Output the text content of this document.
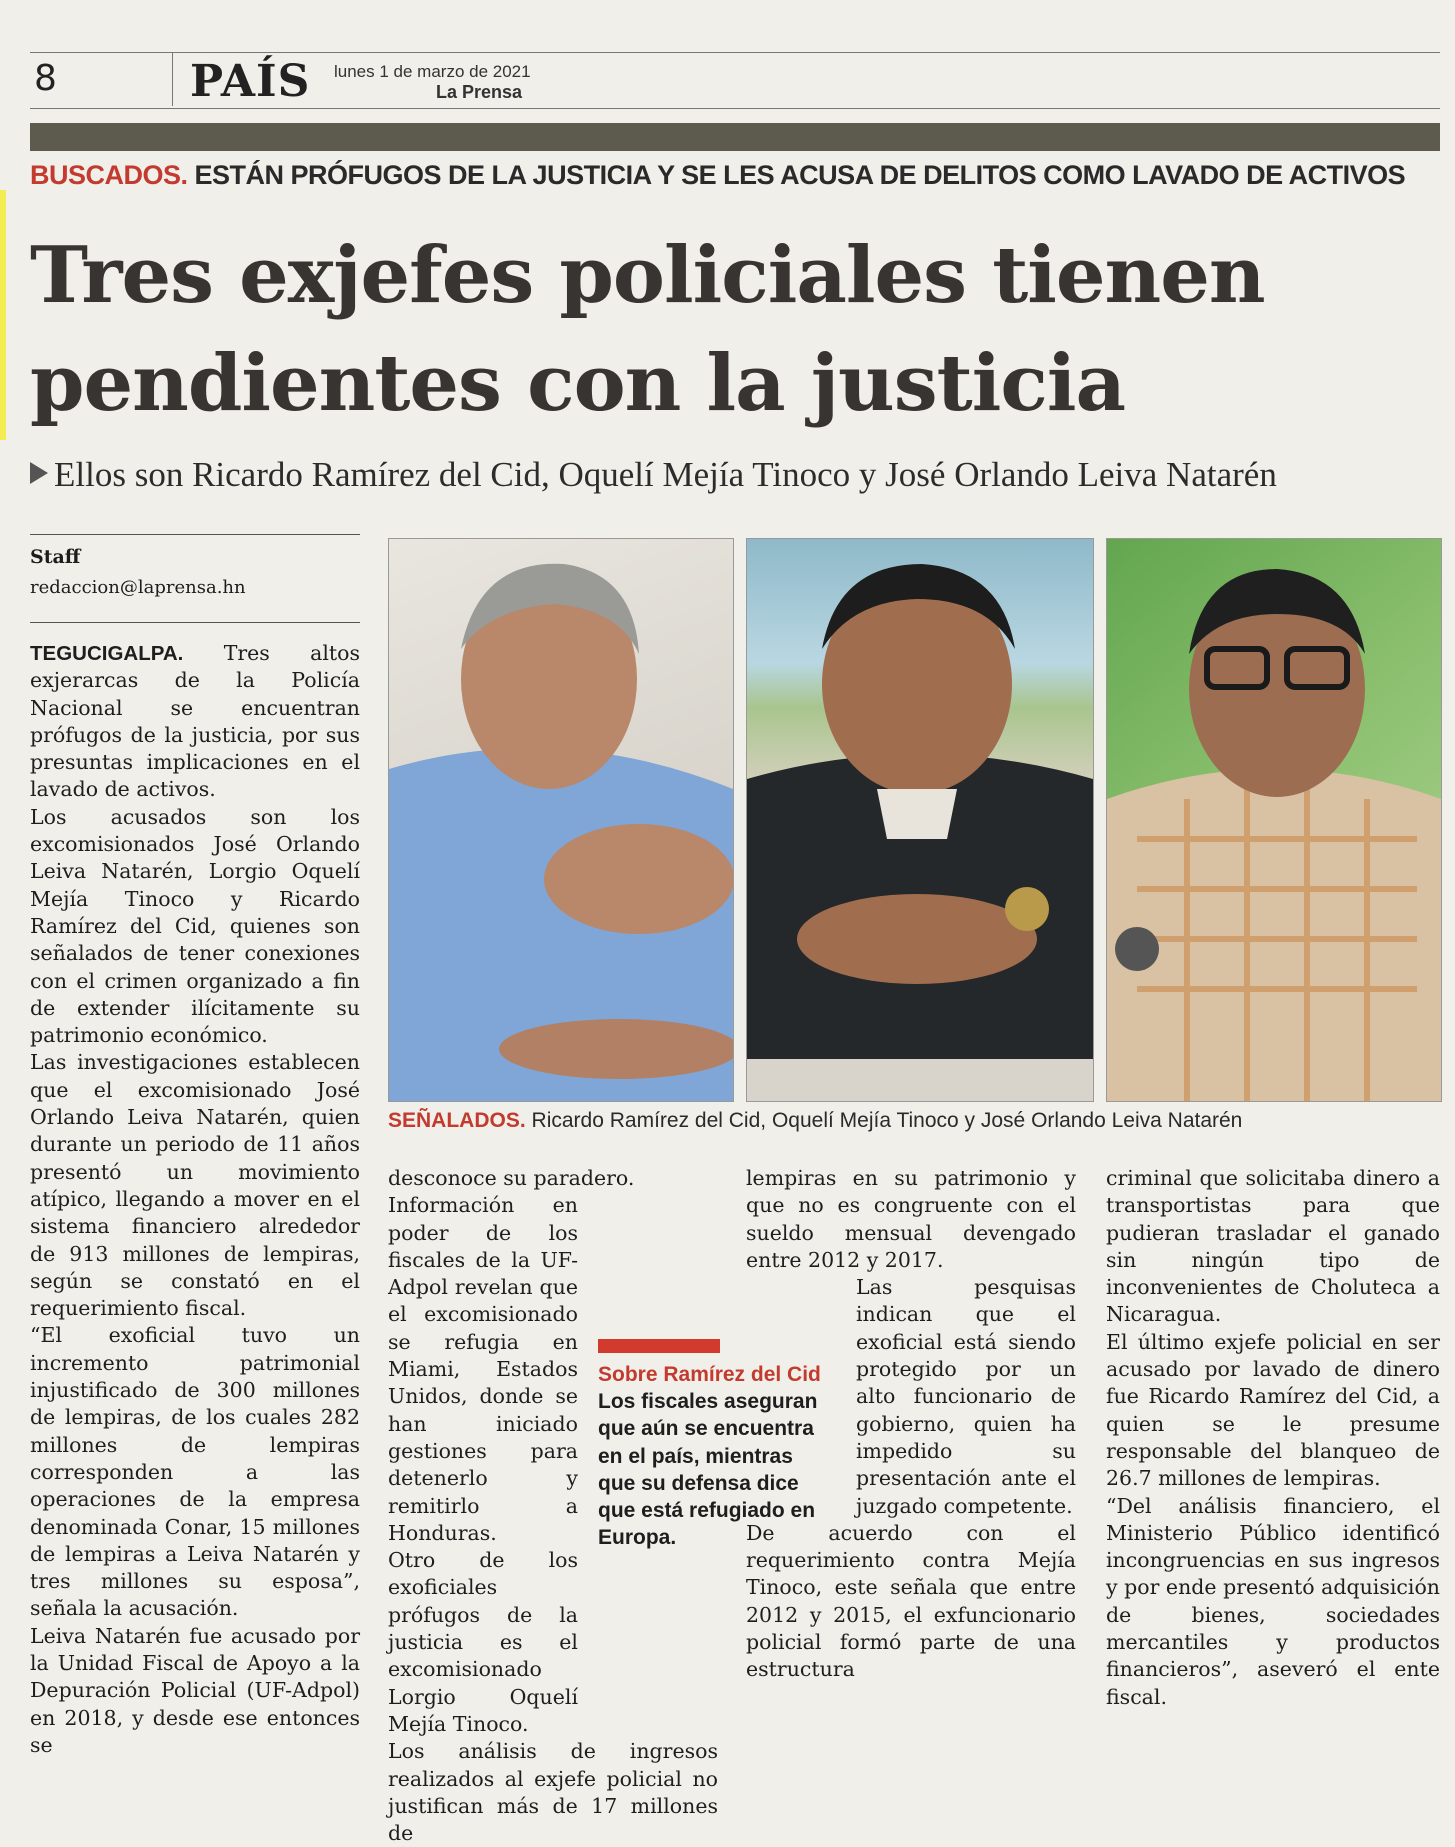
8	PAÍS lunes 1 de marzo de 2021
La Prensa
BUSCADOS. ESTÁN PRÓFUGOS DE LA JUSTICIA Y SE LES ACUSA DE DELITOS COMO LAVADO DE ACTIVOS
Tres exjefes policiales tienen pendientes con la justicia
Ellos son Ricardo Ramírez del Cid, Oquelí Mejía Tinoco y José Orlando Leiva Natarén
Staff
redaccion@laprensa.hn
SEÑALADOS. Ricardo Ramírez del Cid, Oquelí Mejía Tinoco y José Orlando Leiva Natarén

TEGUCIGALPA. Tres altos exjerarcas de la Policía Nacional se encuentran prófugos de la justicia, por sus presuntas implicaciones en el lavado de activos.

Los acusados son los excomisionados José Orlando Leiva Natarén, Lorgio Oquelí Mejía Tinoco y Ricardo Ramírez del Cid, quienes son señalados de tener conexiones con el crimen organizado a fin de extender ilícitamente su patrimonio económico.

Las investigaciones establecen que el excomisionado José Orlando Leiva Natarén, quien durante un periodo de 11 años presentó un movimiento atípico, llegando a mover en el sistema financiero alrededor de 913 millones de lempiras, según se constató en el requerimiento fiscal.

“El exoficial tuvo un incremento patrimonial injustificado de 300 millones de lempiras, de los cuales 282 millones de lempiras corresponden a las operaciones de la empresa denominada Conar, 15 millones de lempiras a Leiva Natarén y tres millones su esposa”, señala la acusación.

Leiva Natarén fue acusado por la Unidad Fiscal de Apoyo a la Depuración Policial (UF-Adpol) en 2018, y desde ese entonces se

desconoce su paradero.

Información en poder de los fiscales de la UF-Adpol revelan que el excomisionado se refugia en Miami, Estados Unidos, donde se han iniciado gestiones para detenerlo y remitirlo a Honduras.

Otro de los exoficiales prófugos de la justicia es el excomisionado Lorgio Oquelí Mejía Tinoco.

Los análisis de ingresos realizados al exjefe policial no justifican más de 17 millones de

lempiras en su patrimonio y que no es congruente con el sueldo mensual devengado entre 2012 y 2017.

Las pesquisas indican que el exoficial está siendo protegido por un alto funcionario de gobierno, quien ha impedido su presentación ante el juzgado competente.

De acuerdo con el requerimiento contra Mejía Tinoco, este señala que entre 2012 y 2015, el exfuncionario policial formó parte de una estructura

criminal que solicitaba dinero a transportistas para que pudieran trasladar el ganado sin ningún tipo de inconvenientes de Choluteca a Nicaragua.

El último exjefe policial en ser acusado por lavado de dinero fue Ricardo Ramírez del Cid, a quien se le presume responsable del blanqueo de 26.7 millones de lempiras.

“Del análisis financiero, el Ministerio Público identificó incongruencias en sus ingresos y por ende presentó adquisición de bienes, sociedades mercantiles y productos financieros”, aseveró el ente fiscal.

Sobre Ramírez del Cid
Los fiscales aseguran que aún se encuentra en el país, mientras que su defensa dice que está refugiado en Europa.
